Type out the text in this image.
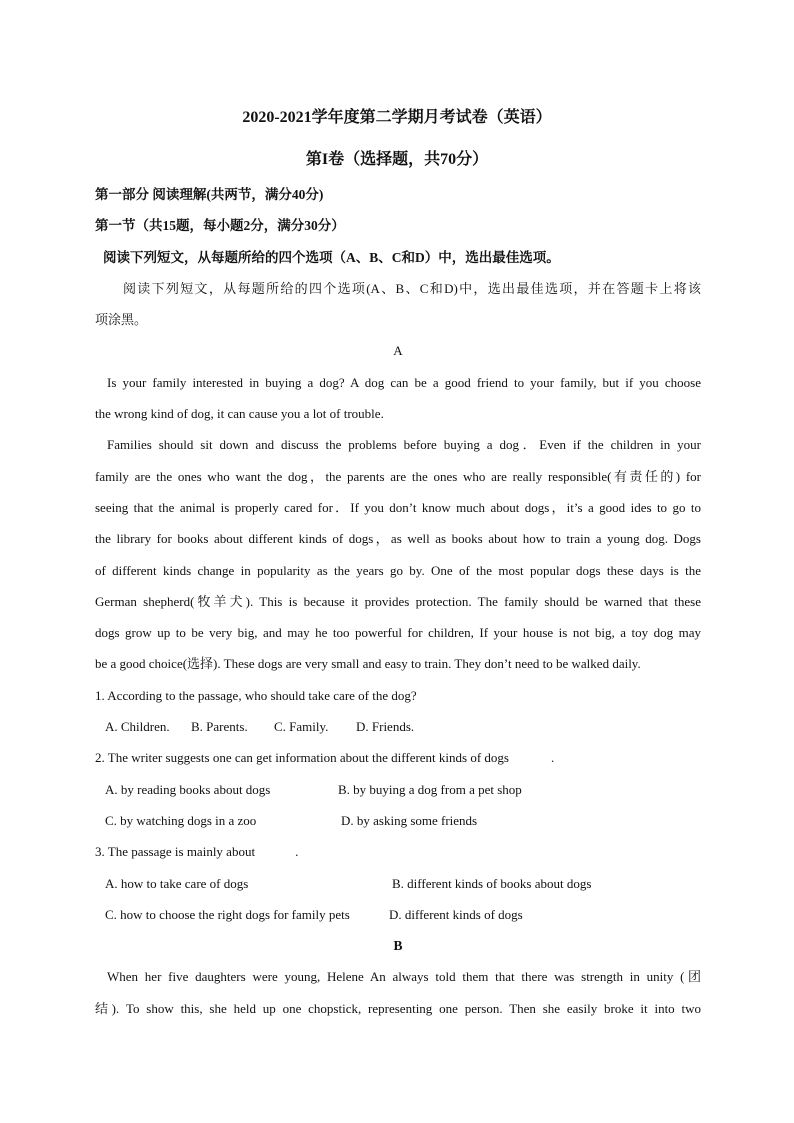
2020-2021学年度第二学期月考试卷（英语）
第I卷（选择题，共70分）
第一部分 阅读理解(共两节，满分40分)
第一节（共15题，每小题2分，满分30分）
阅读下列短文，从每题所给的四个选项（A、B、C和D）中，选出最佳选项。
阅读下列短文，从每题所给的四个选项(A、B、C和D)中，选出最佳选项，并在答题卡上将该
项涂黑。
A
Is your family interested in buying a dog? A dog can be a good friend to your family, but if you choose
the wrong kind of dog, it can cause you a lot of trouble.
Families should sit down and discuss the problems before buying a dog．Even if the children in your
family are the ones who want the dog，the parents are the ones who are really responsible(有责任的) for
seeing that the animal is properly cared for．If you don’t know much about dogs，it’s a good ides to go to
the library for books about different kinds of dogs，as well as books about how to train a young dog. Dogs
of different kinds change in popularity as the years go by. One of the most popular dogs these days is the
German shepherd(牧羊犬). This is because it provides protection. The family should be warned that these
dogs grow up to be very big, and may he too powerful for children, If your house is not big, a toy dog may
be a good choice(选择). These dogs are very small and easy to train. They don’t need to be walked daily.
1. According to the passage, who should take care of the dog?
A. Children. B. Parents. C. Family. D. Friends.
2. The writer suggests one can get information about the different kinds of dogs	.
A. by reading books about dogs	B. by buying a dog from a pet shop
C. by watching dogs in a zoo	D. by asking some friends
3. The passage is mainly about	.
A. how to take care of dogs	B. different kinds of books about dogs
C. how to choose the right dogs for family pets	D. different kinds of dogs
B
When her five daughters were young, Helene An always told them that there was strength in unity (团
结). To show this, she held up one chopstick, representing one person. Then she easily broke it into two
